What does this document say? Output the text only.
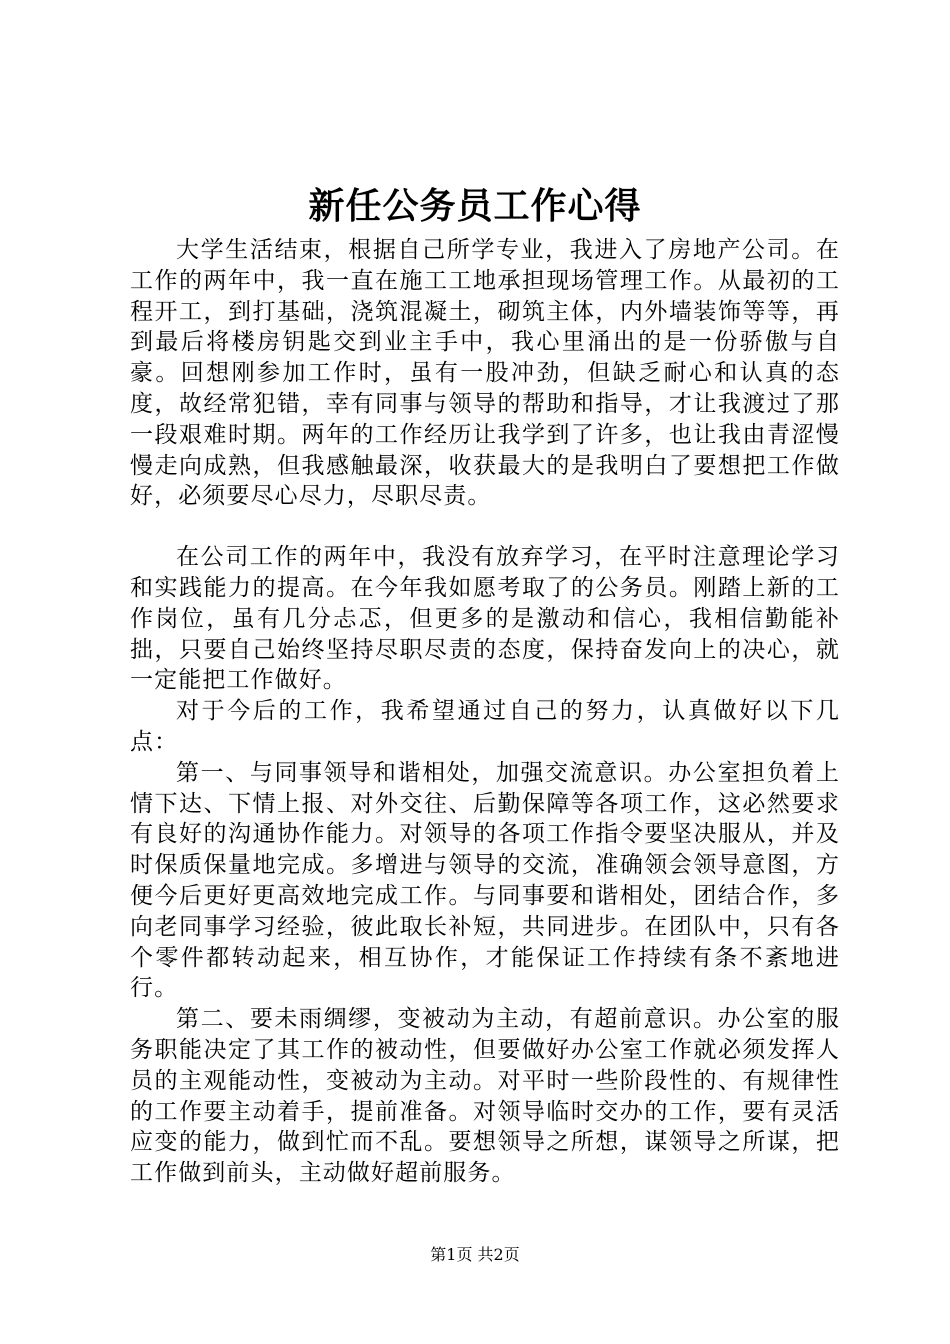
新任公务员工作心得

大学生活结束，根据自己所学专业，我进入了房地产公司。在工作的两年中，我一直在施工工地承担现场管理工作。从最初的工程开工，到打基础，浇筑混凝土，砌筑主体，内外墙装饰等等，再到最后将楼房钥匙交到业主手中，我心里涌出的是一份骄傲与自豪。回想刚参加工作时，虽有一股冲劲，但缺乏耐心和认真的态度，故经常犯错，幸有同事与领导的帮助和指导，才让我渡过了那一段艰难时期。两年的工作经历让我学到了许多，也让我由青涩慢慢走向成熟，但我感触最深，收获最大的是我明白了要想把工作做好，必须要尽心尽力，尽职尽责。

在公司工作的两年中，我没有放弃学习，在平时注意理论学习和实践能力的提高。在今年我如愿考取了的公务员。刚踏上新的工作岗位，虽有几分忐忑，但更多的是激动和信心，我相信勤能补拙，只要自己始终坚持尽职尽责的态度，保持奋发向上的决心，就一定能把工作做好。

对于今后的工作，我希望通过自己的努力，认真做好以下几点：

第一、与同事领导和谐相处，加强交流意识。办公室担负着上情下达、下情上报、对外交往、后勤保障等各项工作，这必然要求有良好的沟通协作能力。对领导的各项工作指令要坚决服从，并及时保质保量地完成。多增进与领导的交流，准确领会领导意图，方便今后更好更高效地完成工作。与同事要和谐相处，团结合作，多向老同事学习经验，彼此取长补短，共同进步。在团队中，只有各个零件都转动起来，相互协作，才能保证工作持续有条不紊地进行。

第二、要未雨绸缪，变被动为主动，有超前意识。办公室的服务职能决定了其工作的被动性，但要做好办公室工作就必须发挥人员的主观能动性，变被动为主动。对平时一些阶段性的、有规律性的工作要主动着手，提前准备。对领导临时交办的工作，要有灵活应变的能力，做到忙而不乱。要想领导之所想，谋领导之所谋，把工作做到前头，主动做好超前服务。

第1页 共2页
